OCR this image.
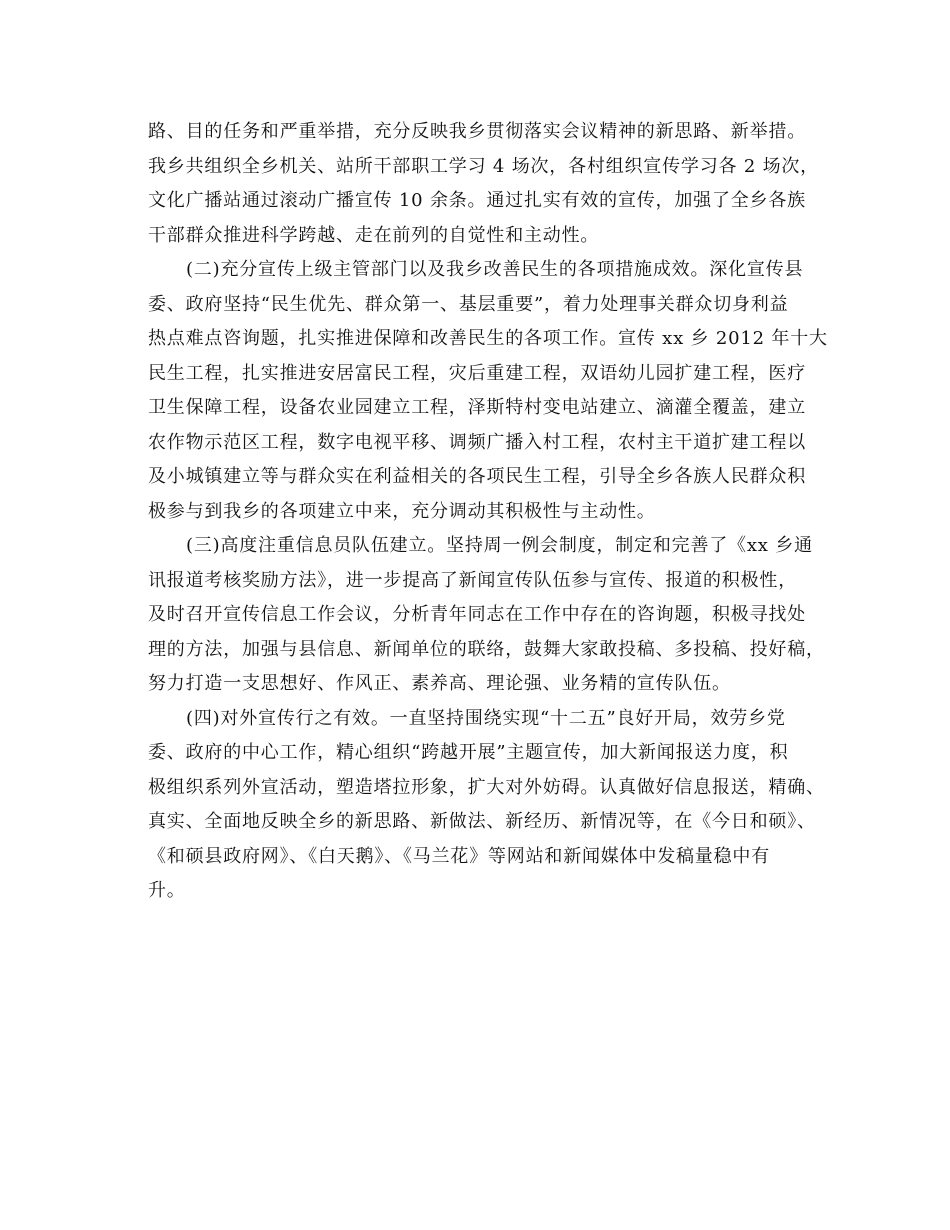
路、目的任务和严重举措，充分反映我乡贯彻落实会议精神的新思路、新举措。
我乡共组织全乡机关、站所干部职工学习 4 场次，各村组织宣传学习各 2 场次，
文化广播站通过滚动广播宣传 10 余条。通过扎实有效的宣传，加强了全乡各族
干部群众推进科学跨越、走在前列的自觉性和主动性。
(二)充分宣传上级主管部门以及我乡改善民生的各项措施成效。深化宣传县
委、政府坚持“民生优先、群众第一、基层重要”，着力处理事关群众切身利益
热点难点咨询题，扎实推进保障和改善民生的各项工作。宣传 xx 乡 2012 年十大
民生工程，扎实推进安居富民工程，灾后重建工程，双语幼儿园扩建工程，医疗
卫生保障工程，设备农业园建立工程，泽斯特村变电站建立、滴灌全覆盖，建立
农作物示范区工程，数字电视平移、调频广播入村工程，农村主干道扩建工程以
及小城镇建立等与群众实在利益相关的各项民生工程，引导全乡各族人民群众积
极参与到我乡的各项建立中来，充分调动其积极性与主动性。
(三)高度注重信息员队伍建立。坚持周一例会制度，制定和完善了《xx 乡通
讯报道考核奖励方法》，进一步提高了新闻宣传队伍参与宣传、报道的积极性，
及时召开宣传信息工作会议，分析青年同志在工作中存在的咨询题，积极寻找处
理的方法，加强与县信息、新闻单位的联络，鼓舞大家敢投稿、多投稿、投好稿，
努力打造一支思想好、作风正、素养高、理论强、业务精的宣传队伍。
(四)对外宣传行之有效。一直坚持围绕实现“十二五”良好开局，效劳乡党
委、政府的中心工作，精心组织“跨越开展”主题宣传，加大新闻报送力度，积
极组织系列外宣活动，塑造塔拉形象，扩大对外妨碍。认真做好信息报送，精确、
真实、全面地反映全乡的新思路、新做法、新经历、新情况等，在《今日和硕》、
《和硕县政府网》、《白天鹅》、《马兰花》等网站和新闻媒体中发稿量稳中有
升。
